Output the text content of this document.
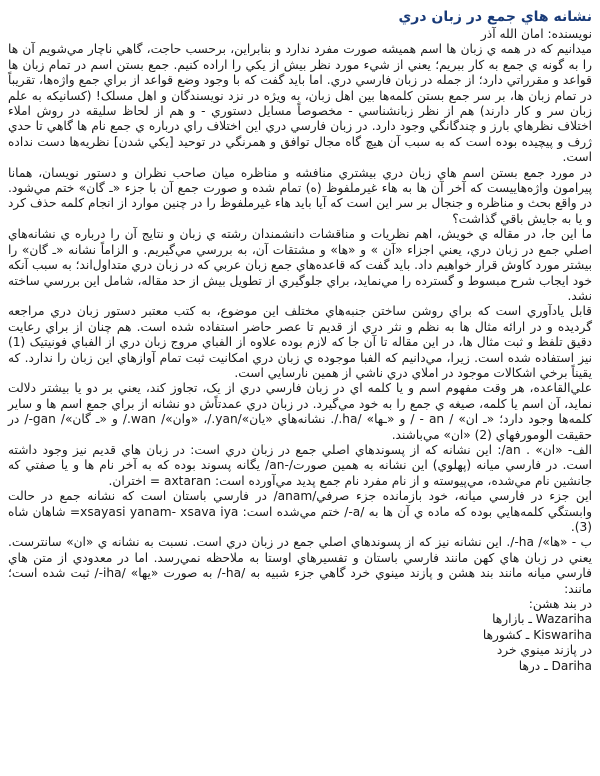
نشانه هاي جمع در زبان دري
نويسنده: امان الله آذر

ميدانيم كه در همه ي زبان ها اسم هميشه صورت مفرد ندارد و بنابراين، برحسب حاجت، گاهي ناچار مي‌شويم آن ها را به گونه ي جمع به كار ببريم؛ يعني از شيء مورد نظر بيش از يكي را اراده كنيم. جمع بستن اسم در تمام زبان ها قواعد و مقرراتي دارد؛ از جمله در زبان فارسي دري. اما بايد گفت كه با وجود وضع قواعد از براي جمع واژه‌ها، تقريباً در تمام زبان ها، بر سر جمع بستن كلمه‌ها بين اهل زبان، به ويژه در نزد نويسندگان و اهل مسلک! (كسانيكه به علم زبان سر و كار دارند) هم از نظر زبانشناسي - مخصوصاً مسايل دستوري - و هم از لحاظ سليقه در روش املاء اختلاف نظرهاي بارز و چندگانگي وجود دارد. در زبان فارسي دري اين اختلاف راي درباره ي جمع نام ها گاهي تا حدي ژرف و پيچيده بوده است كه به سبب آن هيچ گاه مجال توافق و همرنگي در توحيد [يكي شدن] نظريه‌ها دست نداده است.

در مورد جمع بستن اسم هاي زبان دري بيشتري منافشه و مناظره ميان صاحب نظران و دستور نويسان، همانا پيرامون واژه‌هاييست كه آخر آن ها به هاء غيرملفوظ (ه) تمام شده و صورت جمع آن با جزء «ـ گان» ختم مي‌شود. در واقع بحث و مناظره و جنجال بر سر اين است كه آيا بايد هاء غيرملفوظ را در چنين موارد از انجام كلمه حذف كرد و يا به جايش باقي گذاشت؟

ما اين جا، در مقاله ي خويش، اهم نظريات و مناقشات دانشمندان رشته ي زبان و نتايج آن را درباره ي نشانه‌هاي اصلي جمع در زبان دري، يعني اجزاء «آن » و «ها» و مشتقات آن، به بررسي مي‌گيريم. و الزاماً نشانه «ـ گان» را بيشتر مورد كاوش قرار خواهيم داد. بايد گفت كه قاعده‌هاي جمع زبان عربي كه در زبان دري متداول‌اند؛ به سبب آنكه خود ايجاب شرح مبسوط و گسترده را مي‌نمايد، براي جلوگيري از تطويل بيش از حد مقاله، شامل اين بررسي ساخته نشد.

قابل يادآوري است كه براي روشن ساختن جنبه‌هاي مختلف اين موضوع، به كتب معتبر دستور زبان دري مراجعه گرديده و در ارائه مثال ها به نظم و نثر دري از قديم تا عصر حاضر استفاده شده است. هم چنان از براي رعايت دقيق تلفظ و ثبت مثال ها، در اين مقاله تا آن جا كه لازم بوده علاوه از الفباي مروج زبان دري از الفباي فونيتيک (1) نيز استفاده شده است. زيرا، مي‌دانيم كه الفبا موجوده ي زبان دري امكانيت ثبت تمام آوازهاي اين زبان را ندارد. كه يقيناً برخي اشكالات موجود در املاي دري ناشي از همين نارسايي است.

علي‌القاعده، هر وقت مفهوم اسم و يا كلمه اي در زبان فارسي دري از يک، تجاوز كند، يعني بر دو يا بيشتر دلالت نمايد، آن اسم يا كلمه، صيغه ي جمع را به خود مي‌گيرد. در زبان دري عمدتاًش دو نشانه از براي جمع اسم ها و ساير كلمه‌ها وجود دارد؛ «ـ ان» / an - / و «ـها» /ha./. نشانه‌هاي «يان»/yan./، «وان»/ wan./ و «ـ گان»/ gan-/ در حقيقت الومورفهاي (2) «ان» مي‌باشند.

الف- «ان» . an/: اين نشانه كه از پسوندهاي اصلي جمع در زبان دري است: در زبان هاي قديم نيز وجود داشته است. در فارسي ميانه (پهلوي) اين نشانه به همين صورت/-an/ يگانه پسوند بوده كه به آخر نام ها و يا صفتي كه جانشين نام مي‌شده، مي‌پيوسته و از نام مفرد نام جمع پديد مي‌آورده است: axtaran = اختران.

اين جزء در فارسي ميانه، خود بازمانده جزء صرفي/anam/ در فارسي باستان است كه نشانه جمع در حالت وابستگي كلمه‌هايي بوده كه ماده ي آن ها به /a-/ ختم مي‌شده است: xsayasi yanam- xsava iya= شاهان شاه (3).

ب - «ها»/ ha-/. اين نشانه نيز كه از پسوندهاي اصلي جمع در زبان دري است. نسبت به نشانه ي «ان» سانترست. يعني در زبان هاي كهن مانند فارسي باستان و تفسيرهاي اوستا به ملاحظه نمي‌رسد. اما در معدودي از متن هاي فارسي ميانه مانند بند هشن و پازند مينوي خرد گاهي جزء شبيه به /ha-/ به صورت «يها» /iha-/ ثبت شده است؛ مانند:

در بند هشن:
Wazariha ـ بازارها
Kiswariha ـ كشورها
در پازند مينوي خرد
Dariha ـ درها
